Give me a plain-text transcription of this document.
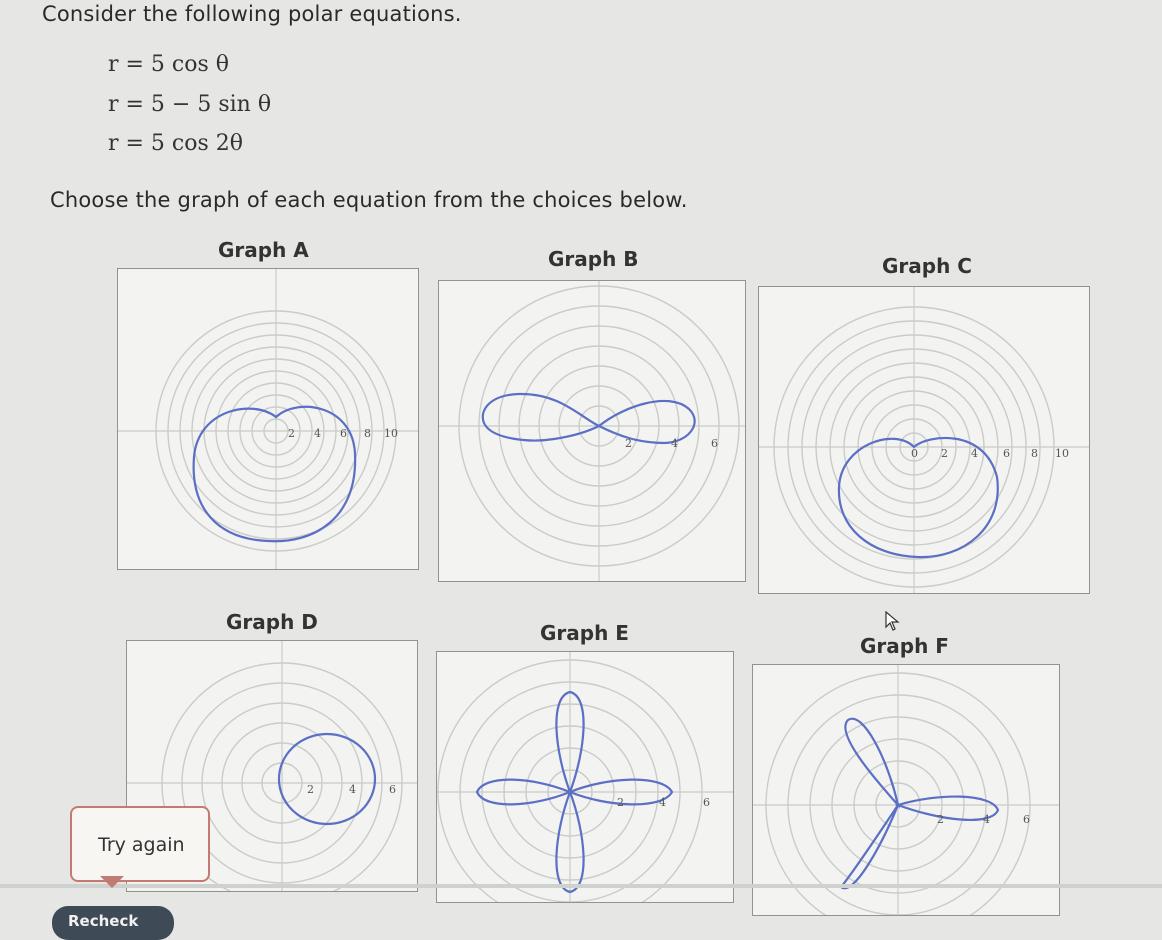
Consider the following polar equations.
r = 5 cos θ
r = 5 − 5 sin θ
r = 5 cos 2θ
Choose the graph of each equation from the choices below.
Graph A	Graph B	Graph C
Graph D	Graph E
Graph F
2 4 6 8 10
2	4	6
0 2 4 6 8 10
2	4	6
2	4	6
2	4	6
Try again
Recheck
